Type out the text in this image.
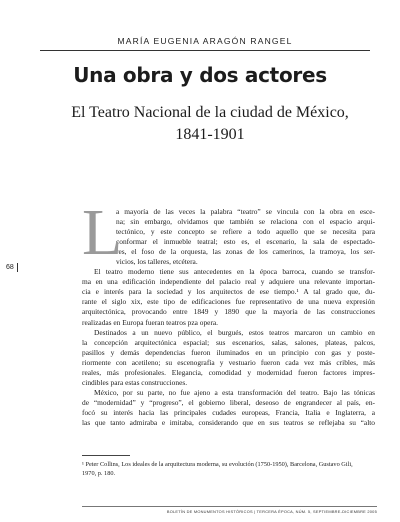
MARÍA EUGENIA ARAGÓN RANGEL
Una obra y dos actores
El Teatro Nacional de la ciudad de México,
1841-1901
68 L
a mayoría de las veces la palabra “teatro” se vincula con la obra en esce-
na; sin embargo, olvidamos que también se relaciona con el espacio arqui-
tectónico, y este concepto se refiere a todo aquello que se necesita para
conformar el inmueble teatral; esto es, el escenario, la sala de espectado-
res, el foso de la orquesta, las zonas de los camerinos, la tramoya, los ser-
vicios, los talleres, etcétera.
El teatro moderno tiene sus antecedentes en la época barroca, cuando se transfor-
ma en una edificación independiente del palacio real y adquiere una relevante importan-
cia e interés para la sociedad y los arquitectos de ese tiempo.¹ A tal grado que, du-
rante el siglo xix, este tipo de edificaciones fue representativo de una nueva expresión
arquitectónica, provocando entre 1849 y 1890 que la mayoría de las construcciones
realizadas en Europa fueran teatros pza opera.
Destinados a un nuevo público, el burgués, estos teatros marcaron un cambio en
la concepción arquitectónica espacial; sus escenarios, salas, salones, plateas, palcos,
pasillos y demás dependencias fueron iluminados en un principio con gas y poste-
riormente con acetileno; su escenografía y vestuario fueron cada vez más cribles, más
reales, más profesionales. Elegancia, comodidad y modernidad fueron factores impres-
cindibles para estas construcciones.
México, por su parte, no fue ajeno a esta transformación del teatro. Bajo las tónicas
de “modernidad” y “progreso”, el gobierno liberal, deseoso de engrandecer al país, en-
focó su interés hacia las principales cudades europeas, Francia, Italia e Inglaterra, a
las que tanto admiraba e imitaba, considerando que en sus teatros se reflejaba su “alto
¹ Peter Collins, Los ideales de la arquitectura moderna, su evolución (1750-1950), Barcelona, Gustavo Gili,
1970, p. 180.
BOLETÍN DE MONUMENTOS HISTÓRICOS | TERCERA ÉPOCA, NÚM. 5, SEPTIEMBRE-DICIEMBRE 2005
